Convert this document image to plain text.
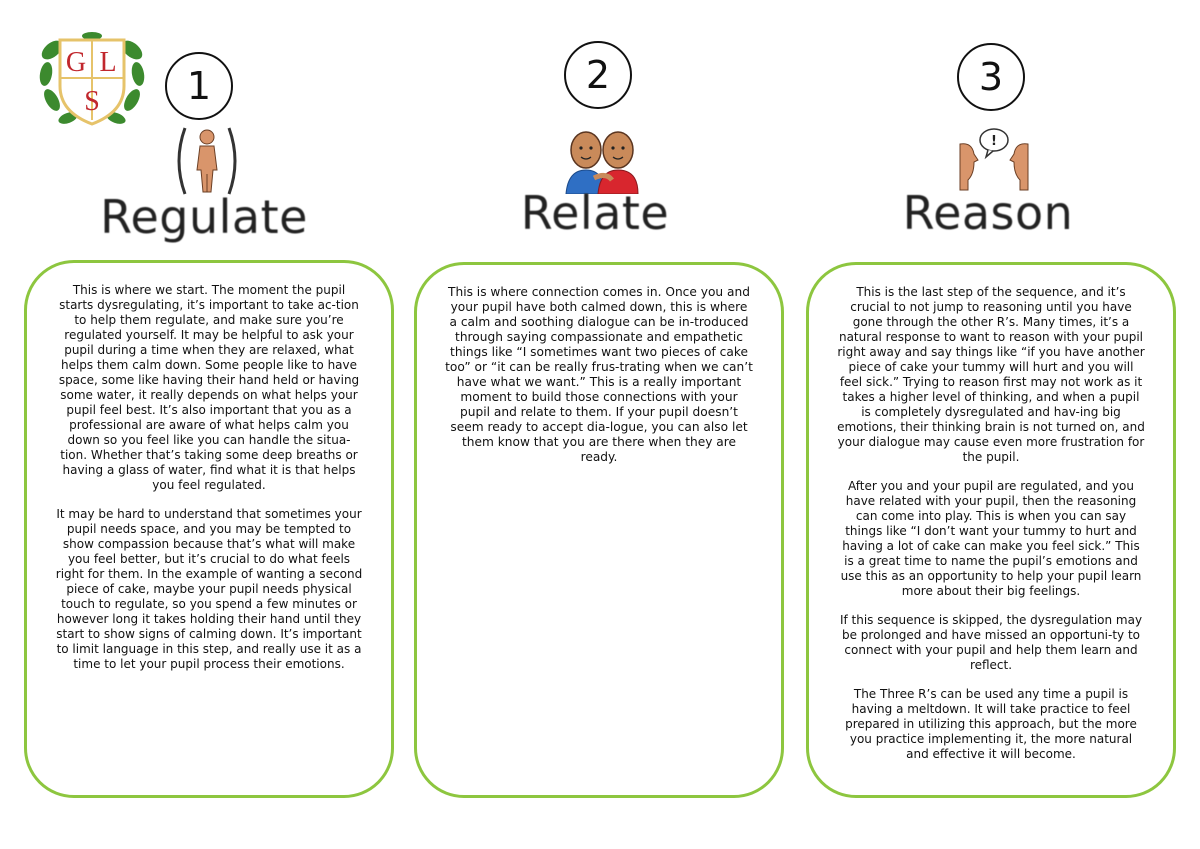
G L
S	1
Regulate

This is where we start. The moment the pupil starts dysregulating, it’s important to take ac-tion to help them regulate, and make sure you’re regulated yourself. It may be helpful to ask your pupil during a time when they are relaxed, what helps them calm down. Some people like to have space, some like having their hand held or having some water, it really depends on what helps your pupil feel best. It’s also important that you as a professional are aware of what helps calm you down so you feel like you can handle the situa-tion. Whether that’s taking some deep breaths or having a glass of water, find what it is that helps you feel regulated.

It may be hard to understand that sometimes your pupil needs space, and you may be tempted to show compassion because that’s what will make you feel better, but it’s crucial to do what feels right for them. In the example of wanting a second piece of cake, maybe your pupil needs physical touch to regulate, so you spend a few minutes or however long it takes holding their hand until they start to show signs of calming down. It’s important to limit language in this step, and really use it as a time to let your pupil process their emotions.

2
Relate

This is where connection comes in. Once you and your pupil have both calmed down, this is where a calm and soothing dialogue can be in-troduced through saying compassionate and empathetic things like “I sometimes want two pieces of cake too” or “it can be really frus-trating when we can’t have what we want.” This is a really important moment to build those connections with your pupil and relate to them. If your pupil doesn’t seem ready to accept dia-logue, you can also let them know that you are there when they are ready.

3
!
Reason

This is the last step of the sequence, and it’s crucial to not jump to reasoning until you have gone through the other R’s. Many times, it’s a natural response to want to reason with your pupil right away and say things like “if you have another piece of cake your tummy will hurt and you will feel sick.” Trying to reason first may not work as it takes a higher level of thinking, and when a pupil is completely dysregulated and hav-ing big emotions, their thinking brain is not turned on, and your dialogue may cause even more frustration for the pupil.

After you and your pupil are regulated, and you have related with your pupil, then the reasoning can come into play. This is when you can say things like “I don’t want your tummy to hurt and having a lot of cake can make you feel sick.” This is a great time to name the pupil’s emotions and use this as an opportunity to help your pupil learn more about their big feelings.

If this sequence is skipped, the dysregulation may be prolonged and have missed an opportuni-ty to connect with your pupil and help them learn and reflect.

The Three R’s can be used any time a pupil is having a meltdown. It will take practice to feel prepared in utilizing this approach, but the more you practice implementing it, the more natural and effective it will become.
